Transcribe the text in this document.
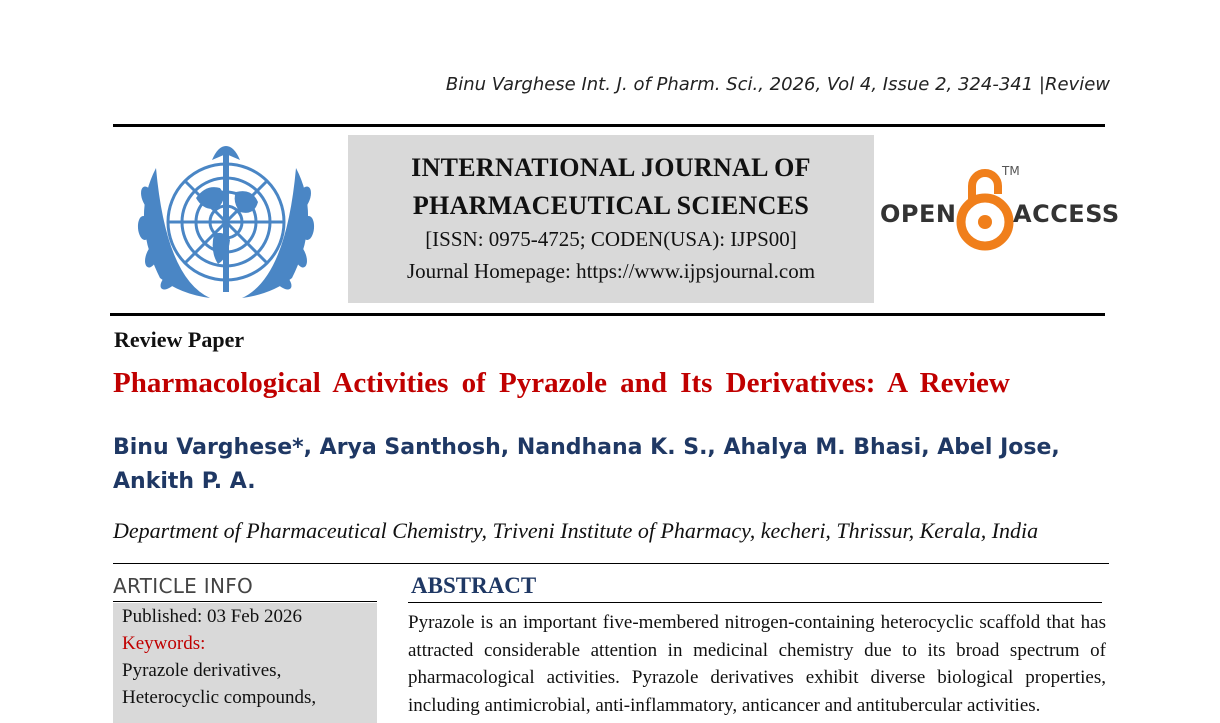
Binu Varghese Int. J. of Pharm. Sci., 2026, Vol 4, Issue 2, 324-341 |Review
INTERNATIONAL JOURNAL OF
PHARMACEUTICAL SCIENCES
[ISSN: 0975-4725; CODEN(USA): IJPS00]
Journal Homepage: https://www.ijpsjournal.com
OPEN
TM
ACCESS
Review Paper
Pharmacological Activities of Pyrazole and Its Derivatives: A Review
Binu Varghese*, Arya Santhosh, Nandhana K. S., Ahalya M. Bhasi, Abel Jose,
Ankith P. A.
Department of Pharmaceutical Chemistry, Triveni Institute of Pharmacy, kecheri, Thrissur, Kerala, India
ARTICLE INFO
Published: 03 Feb 2026
Keywords:
Pyrazole derivatives,
Heterocyclic compounds,
ABSTRACT
Pyrazole is an important five-membered nitrogen-containing heterocyclic scaffold that has attracted considerable attention in medicinal chemistry due to its broad spectrum of pharmacological activities. Pyrazole derivatives exhibit diverse biological properties, including antimicrobial, anti-inflammatory, anticancer and antitubercular activities.
